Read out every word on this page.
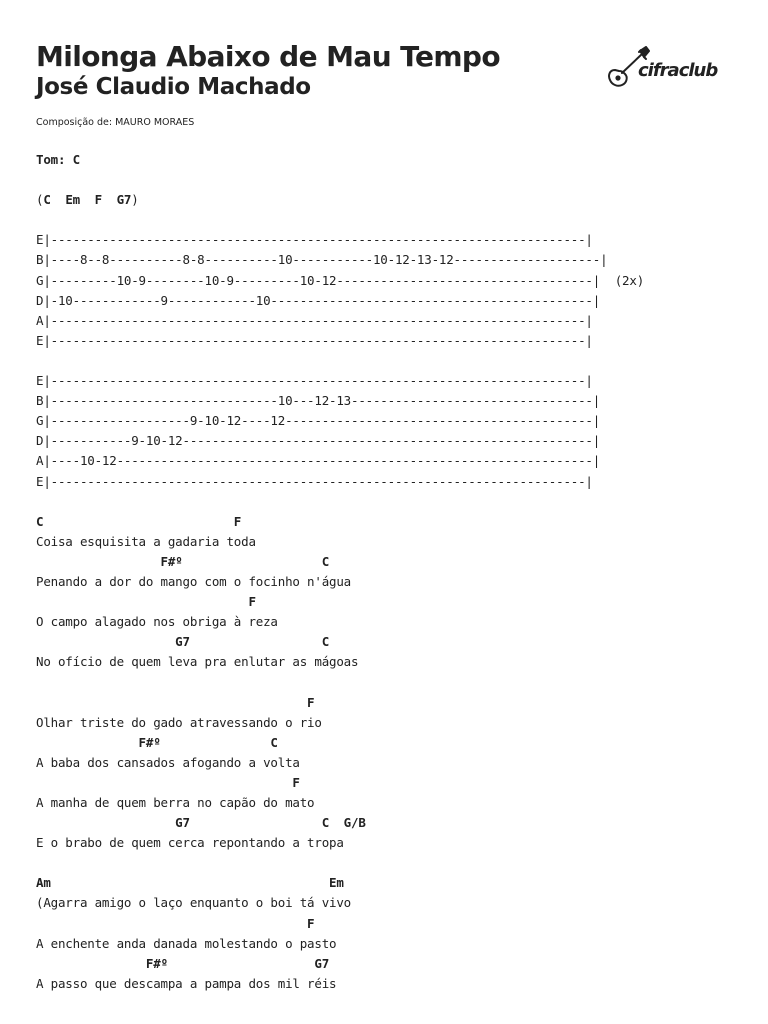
Milonga Abaixo de Mau Tempo
José Claudio Machado
Composição de: MAURO MORAES
cifraclub
Tom: C

(C Em F G7)

E|-------------------------------------------------------------------------|
B|----8--8----------8-8----------10-----------10-12-13-12--------------------|
G|---------10-9--------10-9---------10-12-----------------------------------|  (2x)
D|-10------------9------------10--------------------------------------------|
A|-------------------------------------------------------------------------|
E|-------------------------------------------------------------------------|

E|-------------------------------------------------------------------------|
B|-------------------------------10---12-13---------------------------------|
G|-------------------9-10-12----12------------------------------------------|
D|-----------9-10-12--------------------------------------------------------|
A|----10-12-----------------------------------------------------------------|
E|-------------------------------------------------------------------------|

C                          F
Coisa esquisita a gadaria toda
F#º                   C
Penando a dor do mango com o focinho n'água
F
O campo alagado nos obriga à reza
G7                  C
No ofício de quem leva pra enlutar as mágoas

F
Olhar triste do gado atravessando o rio
F#º               C
A baba dos cansados afogando a volta
F
A manha de quem berra no capão do mato
G7                  C  G/B
E o brabo de quem cerca repontando a tropa

Am                                      Em
(Agarra amigo o laço enquanto o boi tá vivo
F
A enchente anda danada molestando o pasto
F#º                    G7
A passo que descampa a pampa dos mil réis
